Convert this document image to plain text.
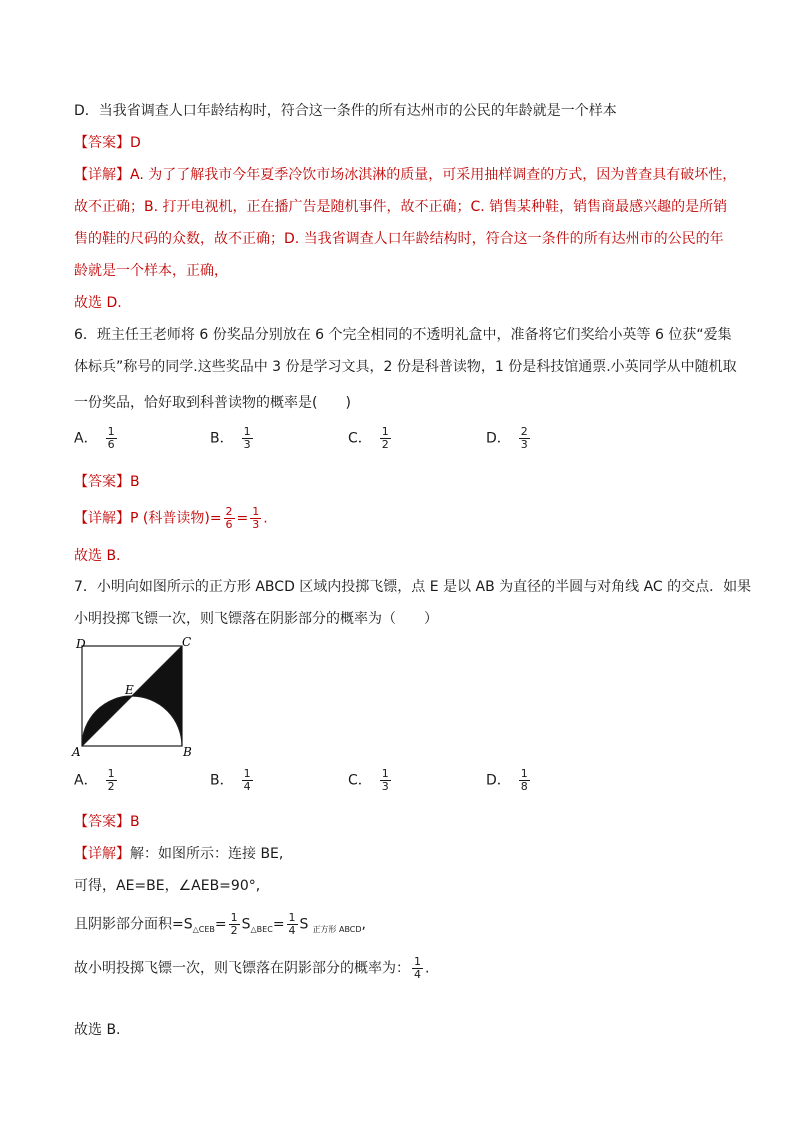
D．当我省调查人口年龄结构时，符合这一条件的所有达州市的公民的年龄就是一个样本
【答案】D
【详解】A. 为了了解我市今年夏季冷饮市场冰淇淋的质量，可采用抽样调查的方式，因为普查具有破坏性，
故不正确；B. 打开电视机，正在播广告是随机事件，故不正确；C. 销售某种鞋，销售商最感兴趣的是所销
售的鞋的尺码的众数，故不正确；D. 当我省调查人口年龄结构时，符合这一条件的所有达州市的公民的年
龄就是一个样本，正确，
故选 D.
6．班主任王老师将 6 份奖品分别放在 6 个完全相同的不透明礼盒中，准备将它们奖给小英等 6 位获“爱集
体标兵”称号的同学.这些奖品中 3 份是学习文具，2 份是科普读物，1 份是科技馆通票.小英同学从中随机取
一份奖品，恰好取到科普读物的概率是(　　)
A． $\frac{1}{6}$	B． $\frac{1}{3}$	C． $\frac{1}{2}$	D． $\frac{2}{3}$
【答案】B
【详解】P (科普读物)= $\frac{2}{6} = \frac{1}{3}$ .
故选 B.
7．小明向如图所示的正方形 ABCD 区域内投掷飞镖，点 E 是以 AB 为直径的半圆与对角线 AC 的交点．如果
小明投掷飞镖一次，则飞镖落在阴影部分的概率为（　　）
D	C
E
A	B
A． $\frac{1}{2}$	B． $\frac{1}{4}$	C． $\frac{1}{3}$	D． $\frac{1}{8}$
【答案】B
【详解】解：如图所示：连接 BE,
可得，AE=BE，∠AEB=90°,
且阴影部分面积$=S_{\triangle CEB}= \frac{1}{2} S_{\triangle BEC}= \frac{1}{4}$ S $_{正方形 ABCD}$,
故小明投掷飞镖一次，则飞镖落在阴影部分的概率为： $\frac{1}{4}$ .
故选 B.
